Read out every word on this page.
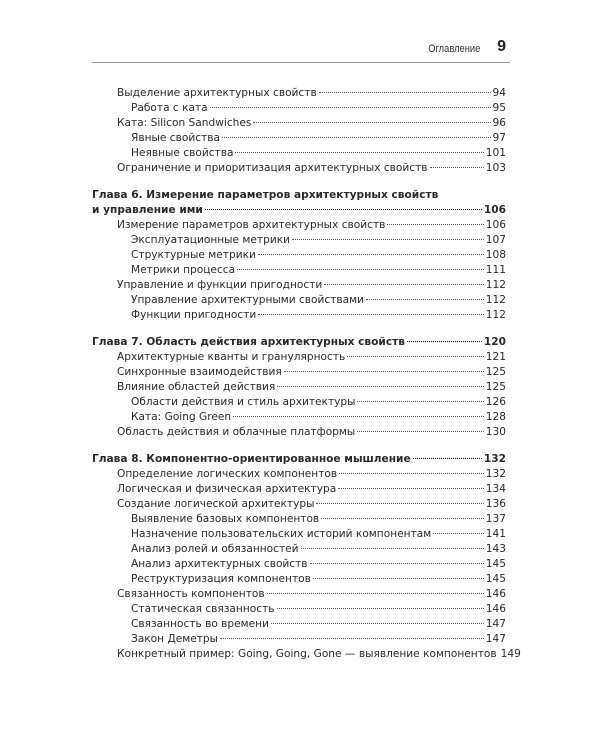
Оглавление 9
Выделение архитектурных свойств	94
Работа с ката	95
Ката: Silicon Sandwiches	96
Явные свойства	97
Неявные свойства	101
Ограничение и приоритизация архитектурных свойств	103
Глава 6. Измерение параметров архитектурных свойств
и управление ими	106
Измерение параметров архитектурных свойств	106
Эксплуатационные метрики	107
Структурные метрики	108
Метрики процесса	111
Управление и функции пригодности	112
Управление архитектурными свойствами	112
Функции пригодности	112
Глава 7. Область действия архитектурных свойств	120
Архитектурные кванты и гранулярность	121
Синхронные взаимодействия	125
Влияние областей действия	125
Области действия и стиль архитектуры	126
Ката: Going Green	128
Область действия и облачные платформы	130
Глава 8. Компонентно-ориентированное мышление	132
Определение логических компонентов	132
Логическая и физическая архитектура	134
Создание логической архитектуры	136
Выявление базовых компонентов	137
Назначение пользовательских историй компонентам	141
Анализ ролей и обязанностей	143
Анализ архитектурных свойств	145
Реструктуризация компонентов	145
Связанность компонентов	146
Статическая связанность	146
Связанность во времени	147
Закон Деметры	147
Конкретный пример: Going, Going, Gone — выявление компонентов 149
